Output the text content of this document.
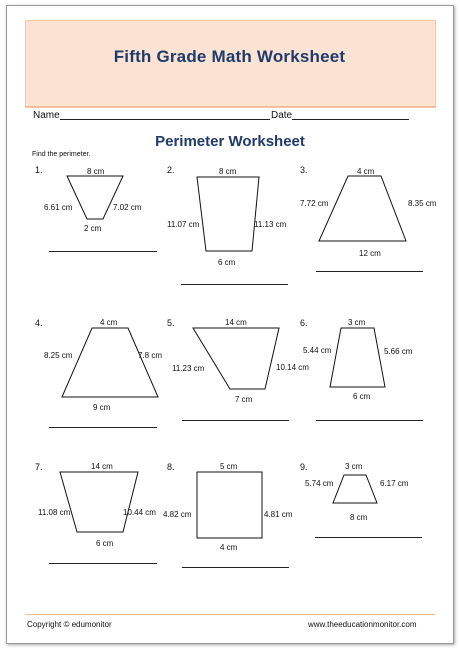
Fifth Grade Math Worksheet
Name	Date
Perimeter Worksheet
Find the perimeter.
1.	8 cm
6.61 cm	7.02 cm
2 cm
2.	8 cm
11.07 cm	11.13 cm
6 cm
3.	4 cm
7.72 cm	8.35 cm
12 cm
4.	4 cm
8.25 cm	7.8 cm
9 cm
5.	14 cm
11.23 cm	10.14 cm
7 cm
6.	3 cm
5.44 cm	5.66 cm
6 cm
7.	14 cm
11.08 cm	10.44 cm
6 cm
8.	5 cm
4.82 cm	4.81 cm
4 cm
9.	3 cm
5.74 cm	6.17 cm
8 cm
Copyright © edumonitor	www.theeducationmonitor.com
